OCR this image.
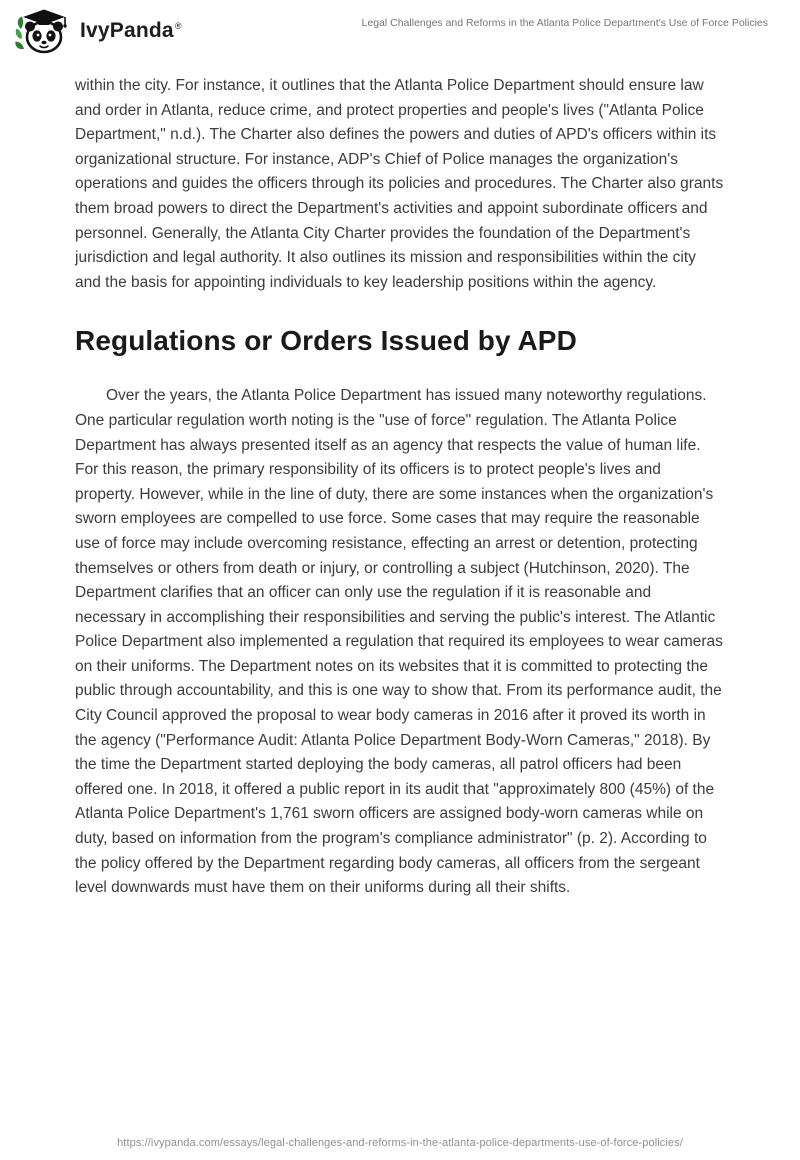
IvyPanda®	Legal Challenges and Reforms in the Atlanta Police Department's Use of Force Policies

within the city. For instance, it outlines that the Atlanta Police Department should ensure law and order in Atlanta, reduce crime, and protect properties and people's lives ("Atlanta Police Department," n.d.). The Charter also defines the powers and duties of APD's officers within its organizational structure. For instance, ADP's Chief of Police manages the organization's operations and guides the officers through its policies and procedures. The Charter also grants them broad powers to direct the Department's activities and appoint subordinate officers and personnel. Generally, the Atlanta City Charter provides the foundation of the Department's jurisdiction and legal authority. It also outlines its mission and responsibilities within the city and the basis for appointing individuals to key leadership positions within the agency.

Regulations or Orders Issued by APD

Over the years, the Atlanta Police Department has issued many noteworthy regulations. One particular regulation worth noting is the "use of force" regulation. The Atlanta Police Department has always presented itself as an agency that respects the value of human life. For this reason, the primary responsibility of its officers is to protect people's lives and property. However, while in the line of duty, there are some instances when the organization's sworn employees are compelled to use force. Some cases that may require the reasonable use of force may include overcoming resistance, effecting an arrest or detention, protecting themselves or others from death or injury, or controlling a subject (Hutchinson, 2020). The Department clarifies that an officer can only use the regulation if it is reasonable and necessary in accomplishing their responsibilities and serving the public's interest. The Atlantic Police Department also implemented a regulation that required its employees to wear cameras on their uniforms. The Department notes on its websites that it is committed to protecting the public through accountability, and this is one way to show that. From its performance audit, the City Council approved the proposal to wear body cameras in 2016 after it proved its worth in the agency ("Performance Audit: Atlanta Police Department Body-Worn Cameras," 2018). By the time the Department started deploying the body cameras, all patrol officers had been offered one. In 2018, it offered a public report in its audit that "approximately 800 (45%) of the Atlanta Police Department's 1,761 sworn officers are assigned body-worn cameras while on duty, based on information from the program's compliance administrator" (p. 2). According to the policy offered by the Department regarding body cameras, all officers from the sergeant level downwards must have them on their uniforms during all their shifts.

https://ivypanda.com/essays/legal-challenges-and-reforms-in-the-atlanta-police-departments-use-of-force-policies/
